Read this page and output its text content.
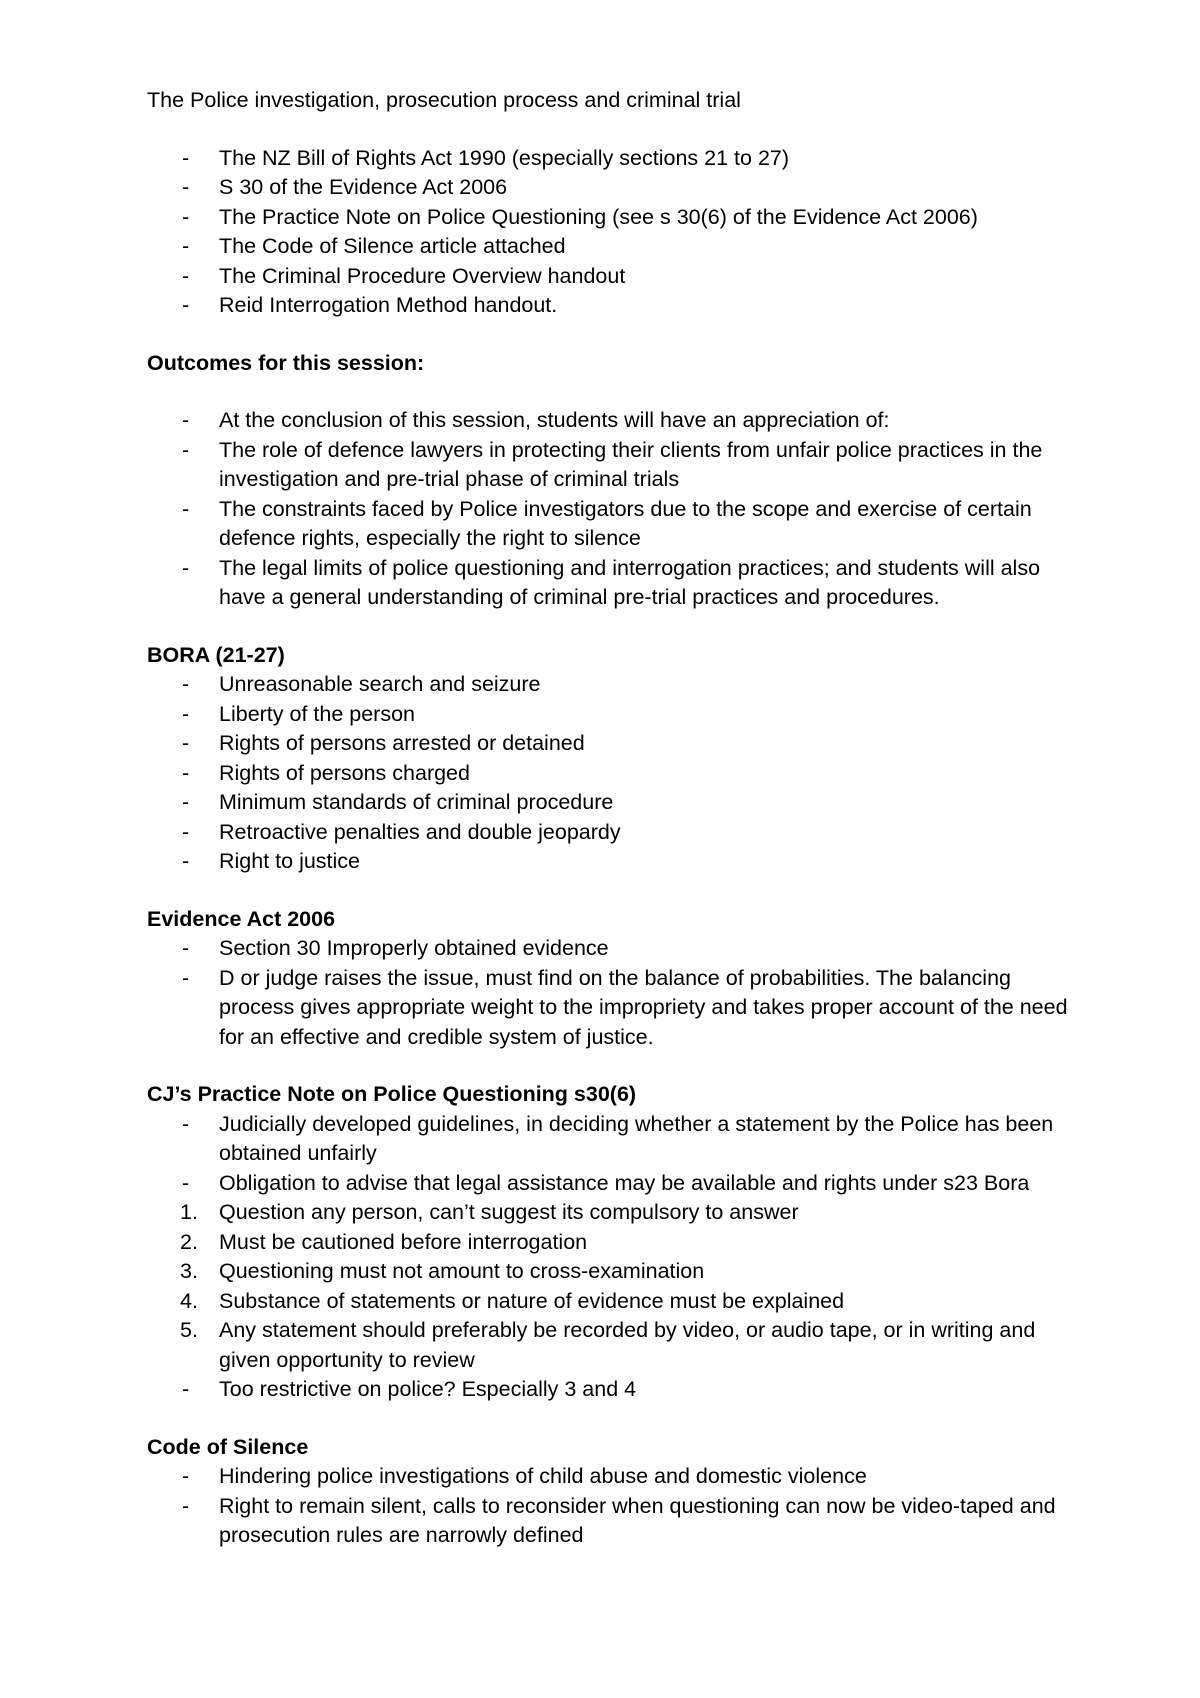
The Police investigation, prosecution process and criminal trial

- The NZ Bill of Rights Act 1990 (especially sections 21 to 27)
- S 30 of the Evidence Act 2006
- The Practice Note on Police Questioning (see s 30(6) of the Evidence Act 2006)
- The Code of Silence article attached
- The Criminal Procedure Overview handout
- Reid Interrogation Method handout.

Outcomes for this session:

- At the conclusion of this session, students will have an appreciation of:
- The role of defence lawyers in protecting their clients from unfair police practices in the investigation and pre-trial phase of criminal trials
- The constraints faced by Police investigators due to the scope and exercise of certain defence rights, especially the right to silence
- The legal limits of police questioning and interrogation practices; and students will also have a general understanding of criminal pre-trial practices and procedures.

BORA (21-27)

- Unreasonable search and seizure
- Liberty of the person
- Rights of persons arrested or detained
- Rights of persons charged
- Minimum standards of criminal procedure
- Retroactive penalties and double jeopardy
- Right to justice

Evidence Act 2006

- Section 30 Improperly obtained evidence
- D or judge raises the issue, must find on the balance of probabilities. The balancing process gives appropriate weight to the impropriety and takes proper account of the need for an effective and credible system of justice.

CJ’s Practice Note on Police Questioning s30(6)

- Judicially developed guidelines, in deciding whether a statement by the Police has been obtained unfairly
- Obligation to advise that legal assistance may be available and rights under s23 Bora
1. Question any person, can’t suggest its compulsory to answer
2. Must be cautioned before interrogation
3. Questioning must not amount to cross-examination
4. Substance of statements or nature of evidence must be explained
5. Any statement should preferably be recorded by video, or audio tape, or in writing and given opportunity to review
- Too restrictive on police? Especially 3 and 4

Code of Silence

- Hindering police investigations of child abuse and domestic violence
- Right to remain silent, calls to reconsider when questioning can now be video-taped and prosecution rules are narrowly defined
